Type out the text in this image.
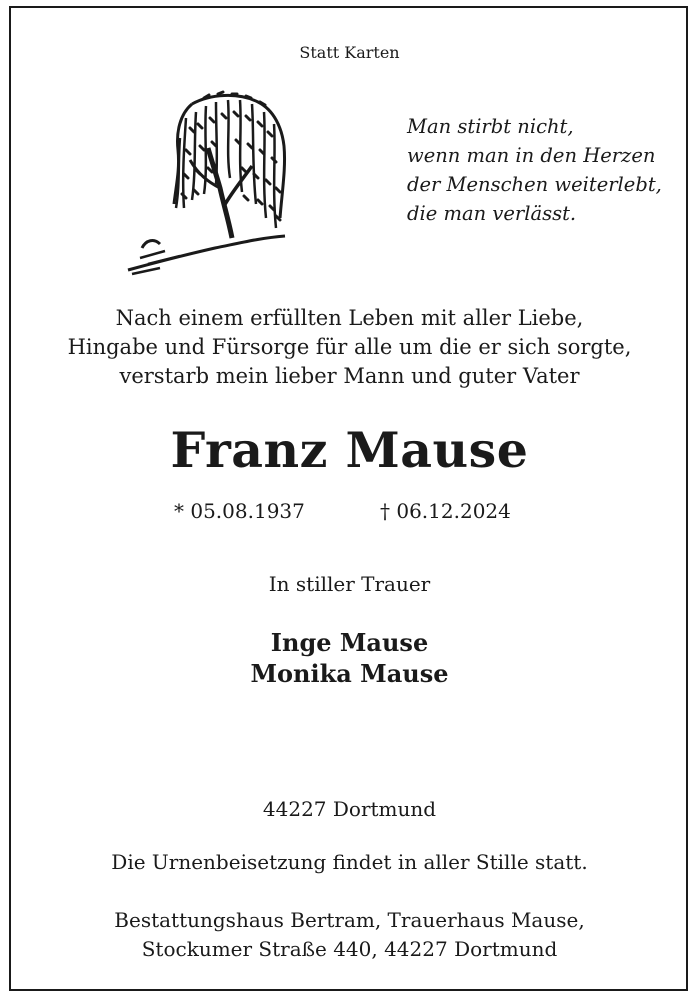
Statt Karten
Man stirbt nicht,
wenn man in den Herzen
der Menschen weiterlebt,
die man verlässt.
Nach einem erfüllten Leben mit aller Liebe,
Hingabe und Fürsorge für alle um die er sich sorgte,
verstarb mein lieber Mann und guter Vater
Franz Mause
* 05.08.1937	† 06.12.2024
In stiller Trauer
Inge Mause
Monika Mause
44227 Dortmund
Die Urnenbeisetzung findet in aller Stille statt.
Bestattungshaus Bertram, Trauerhaus Mause,
Stockumer Straße 440, 44227 Dortmund
